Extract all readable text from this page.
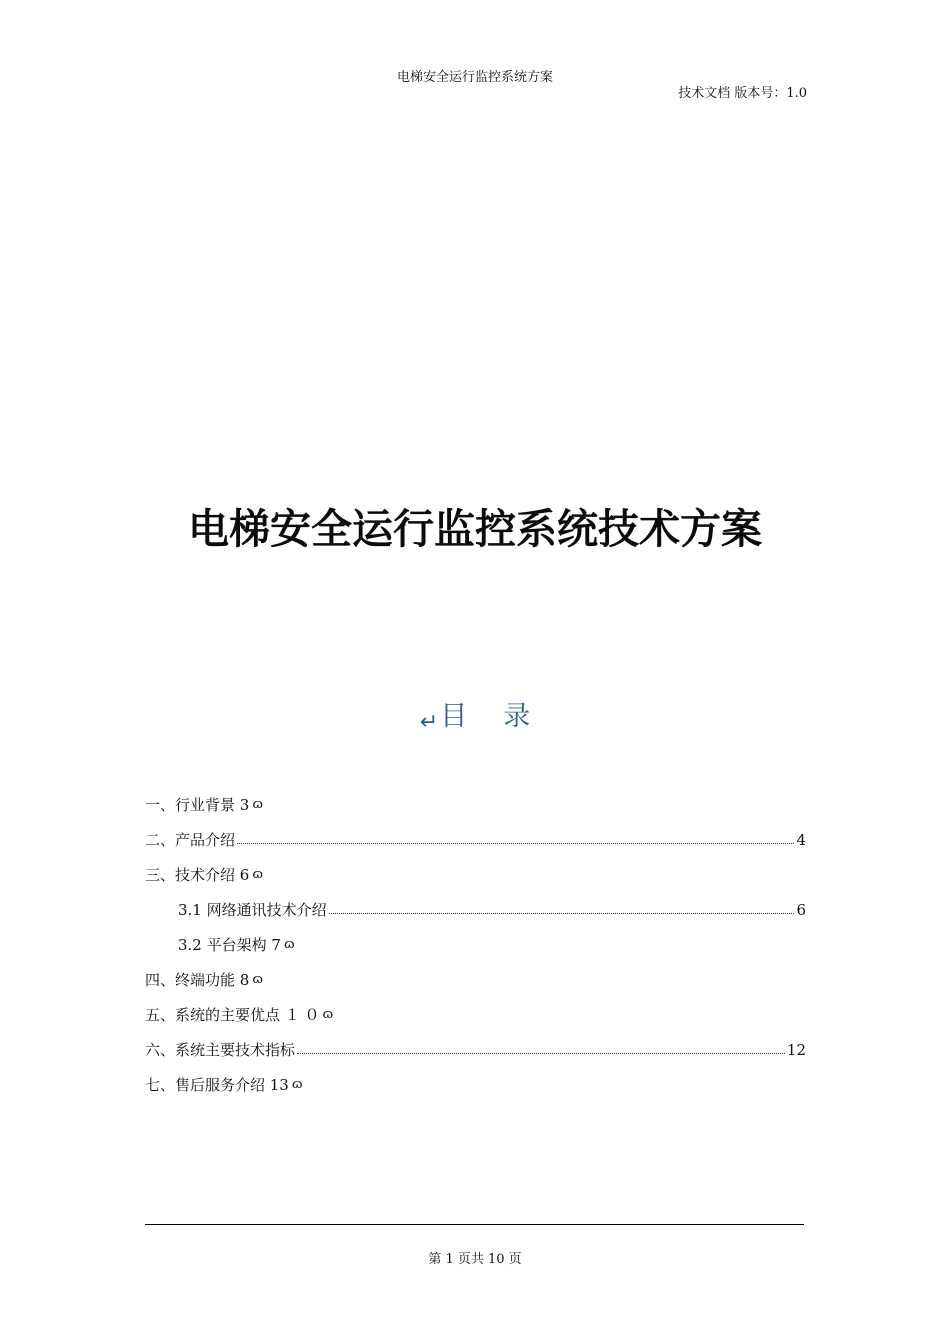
电梯安全运行监控系统方案
技术文档 版本号：1.0
电梯安全运行监控系统技术方案
↵目 录
一、行业背景 3 ɷ
二、产品介绍	4
三、技术介绍 6 ɷ
3.1 网络通讯技术介绍	6
3.2 平台架构 7 ɷ
四、终端功能 8 ɷ
五、系统的主要优点 １ ０ ɷ
六、系统主要技术指标	12
七、售后服务介绍 13 ɷ
第 1 页共 10 页
